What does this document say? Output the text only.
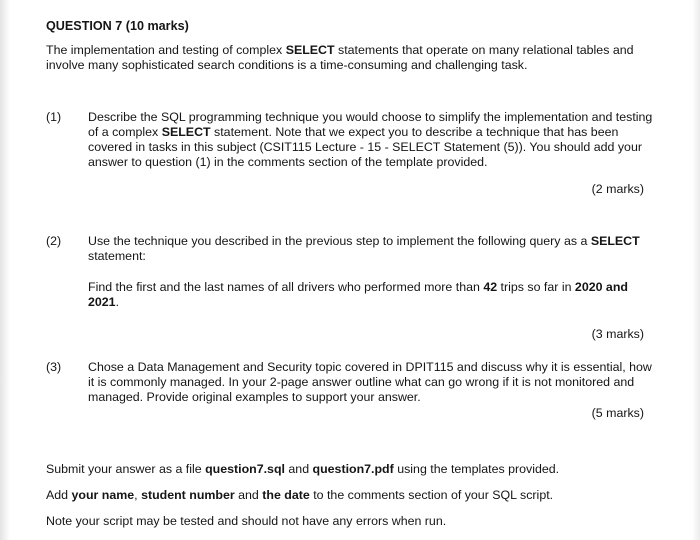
QUESTION 7 (10 marks)

The implementation and testing of complex SELECT statements that operate on many relational tables and involve many sophisticated search conditions is a time-consuming and challenging task.

(1) Describe the SQL programming technique you would choose to simplify the implementation and testing of a complex SELECT statement. Note that we expect you to describe a technique that has been covered in tasks in this subject (CSIT115 Lecture - 15 - SELECT Statement (5)). You should add your answer to question (1) in the comments section of the template provided.

(2 marks)
(2) Use the technique you described in the previous step to implement the following query as a SELECT statement:

Find the first and the last names of all drivers who performed more than 42 trips so far in 2020 and 2021.

(3 marks)
(3) Chose a Data Management and Security topic covered in DPIT115 and discuss why it is essential, how it is commonly managed. In your 2-page answer outline what can go wrong if it is not monitored and managed. Provide original examples to support your answer.

(5 marks)
Submit your answer as a file question7.sql and question7.pdf using the templates provided.
Add your name, student number and the date to the comments section of your SQL script.
Note your script may be tested and should not have any errors when run.
